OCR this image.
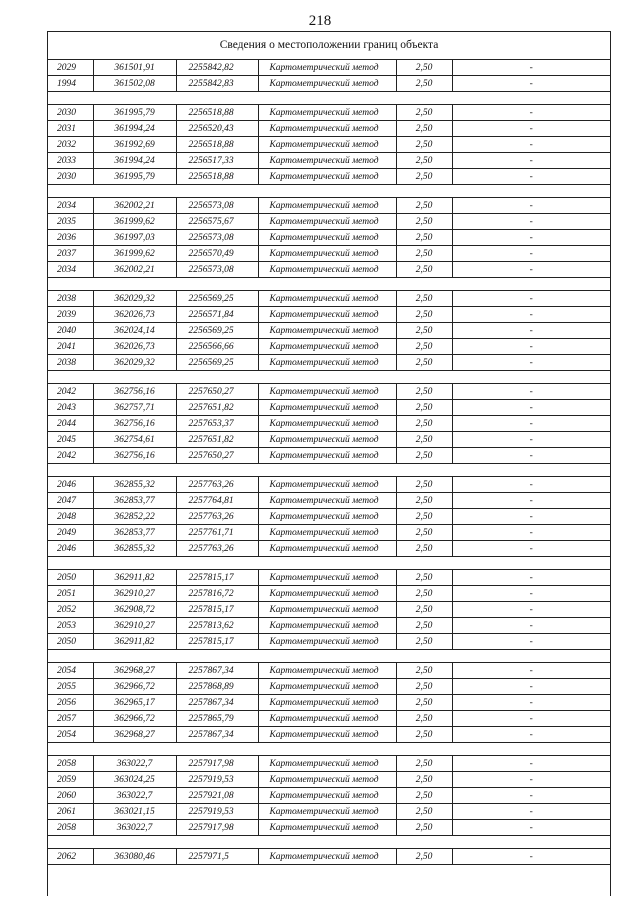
218
Сведения о местоположении границ объекта
2029	361501,91	2255842,82	Картометрический метод	2,50	-
1994	361502,08	2255842,83	Картометрический метод	2,50	-

2030	361995,79	2256518,88	Картометрический метод	2,50	-
2031	361994,24	2256520,43	Картометрический метод	2,50	-
2032	361992,69	2256518,88	Картометрический метод	2,50	-
2033	361994,24	2256517,33	Картометрический метод	2,50	-
2030	361995,79	2256518,88	Картометрический метод	2,50	-

2034	362002,21	2256573,08	Картометрический метод	2,50	-
2035	361999,62	2256575,67	Картометрический метод	2,50	-
2036	361997,03	2256573,08	Картометрический метод	2,50	-
2037	361999,62	2256570,49	Картометрический метод	2,50	-
2034	362002,21	2256573,08	Картометрический метод	2,50	-

2038	362029,32	2256569,25	Картометрический метод	2,50	-
2039	362026,73	2256571,84	Картометрический метод	2,50	-
2040	362024,14	2256569,25	Картометрический метод	2,50	-
2041	362026,73	2256566,66	Картометрический метод	2,50	-
2038	362029,32	2256569,25	Картометрический метод	2,50	-

2042	362756,16	2257650,27	Картометрический метод	2,50	-
2043	362757,71	2257651,82	Картометрический метод	2,50	-
2044	362756,16	2257653,37	Картометрический метод	2,50	-
2045	362754,61	2257651,82	Картометрический метод	2,50	-
2042	362756,16	2257650,27	Картометрический метод	2,50	-

2046	362855,32	2257763,26	Картометрический метод	2,50	-
2047	362853,77	2257764,81	Картометрический метод	2,50	-
2048	362852,22	2257763,26	Картометрический метод	2,50	-
2049	362853,77	2257761,71	Картометрический метод	2,50	-
2046	362855,32	2257763,26	Картометрический метод	2,50	-

2050	362911,82	2257815,17	Картометрический метод	2,50	-
2051	362910,27	2257816,72	Картометрический метод	2,50	-
2052	362908,72	2257815,17	Картометрический метод	2,50	-
2053	362910,27	2257813,62	Картометрический метод	2,50	-
2050	362911,82	2257815,17	Картометрический метод	2,50	-

2054	362968,27	2257867,34	Картометрический метод	2,50	-
2055	362966,72	2257868,89	Картометрический метод	2,50	-
2056	362965,17	2257867,34	Картометрический метод	2,50	-
2057	362966,72	2257865,79	Картометрический метод	2,50	-
2054	362968,27	2257867,34	Картометрический метод	2,50	-

2058	363022,7	2257917,98	Картометрический метод	2,50	-
2059	363024,25	2257919,53	Картометрический метод	2,50	-
2060	363022,7	2257921,08	Картометрический метод	2,50	-
2061	363021,15	2257919,53	Картометрический метод	2,50	-
2058	363022,7	2257917,98	Картометрический метод	2,50	-

2062	363080,46	2257971,5	Картометрический метод	2,50	-
